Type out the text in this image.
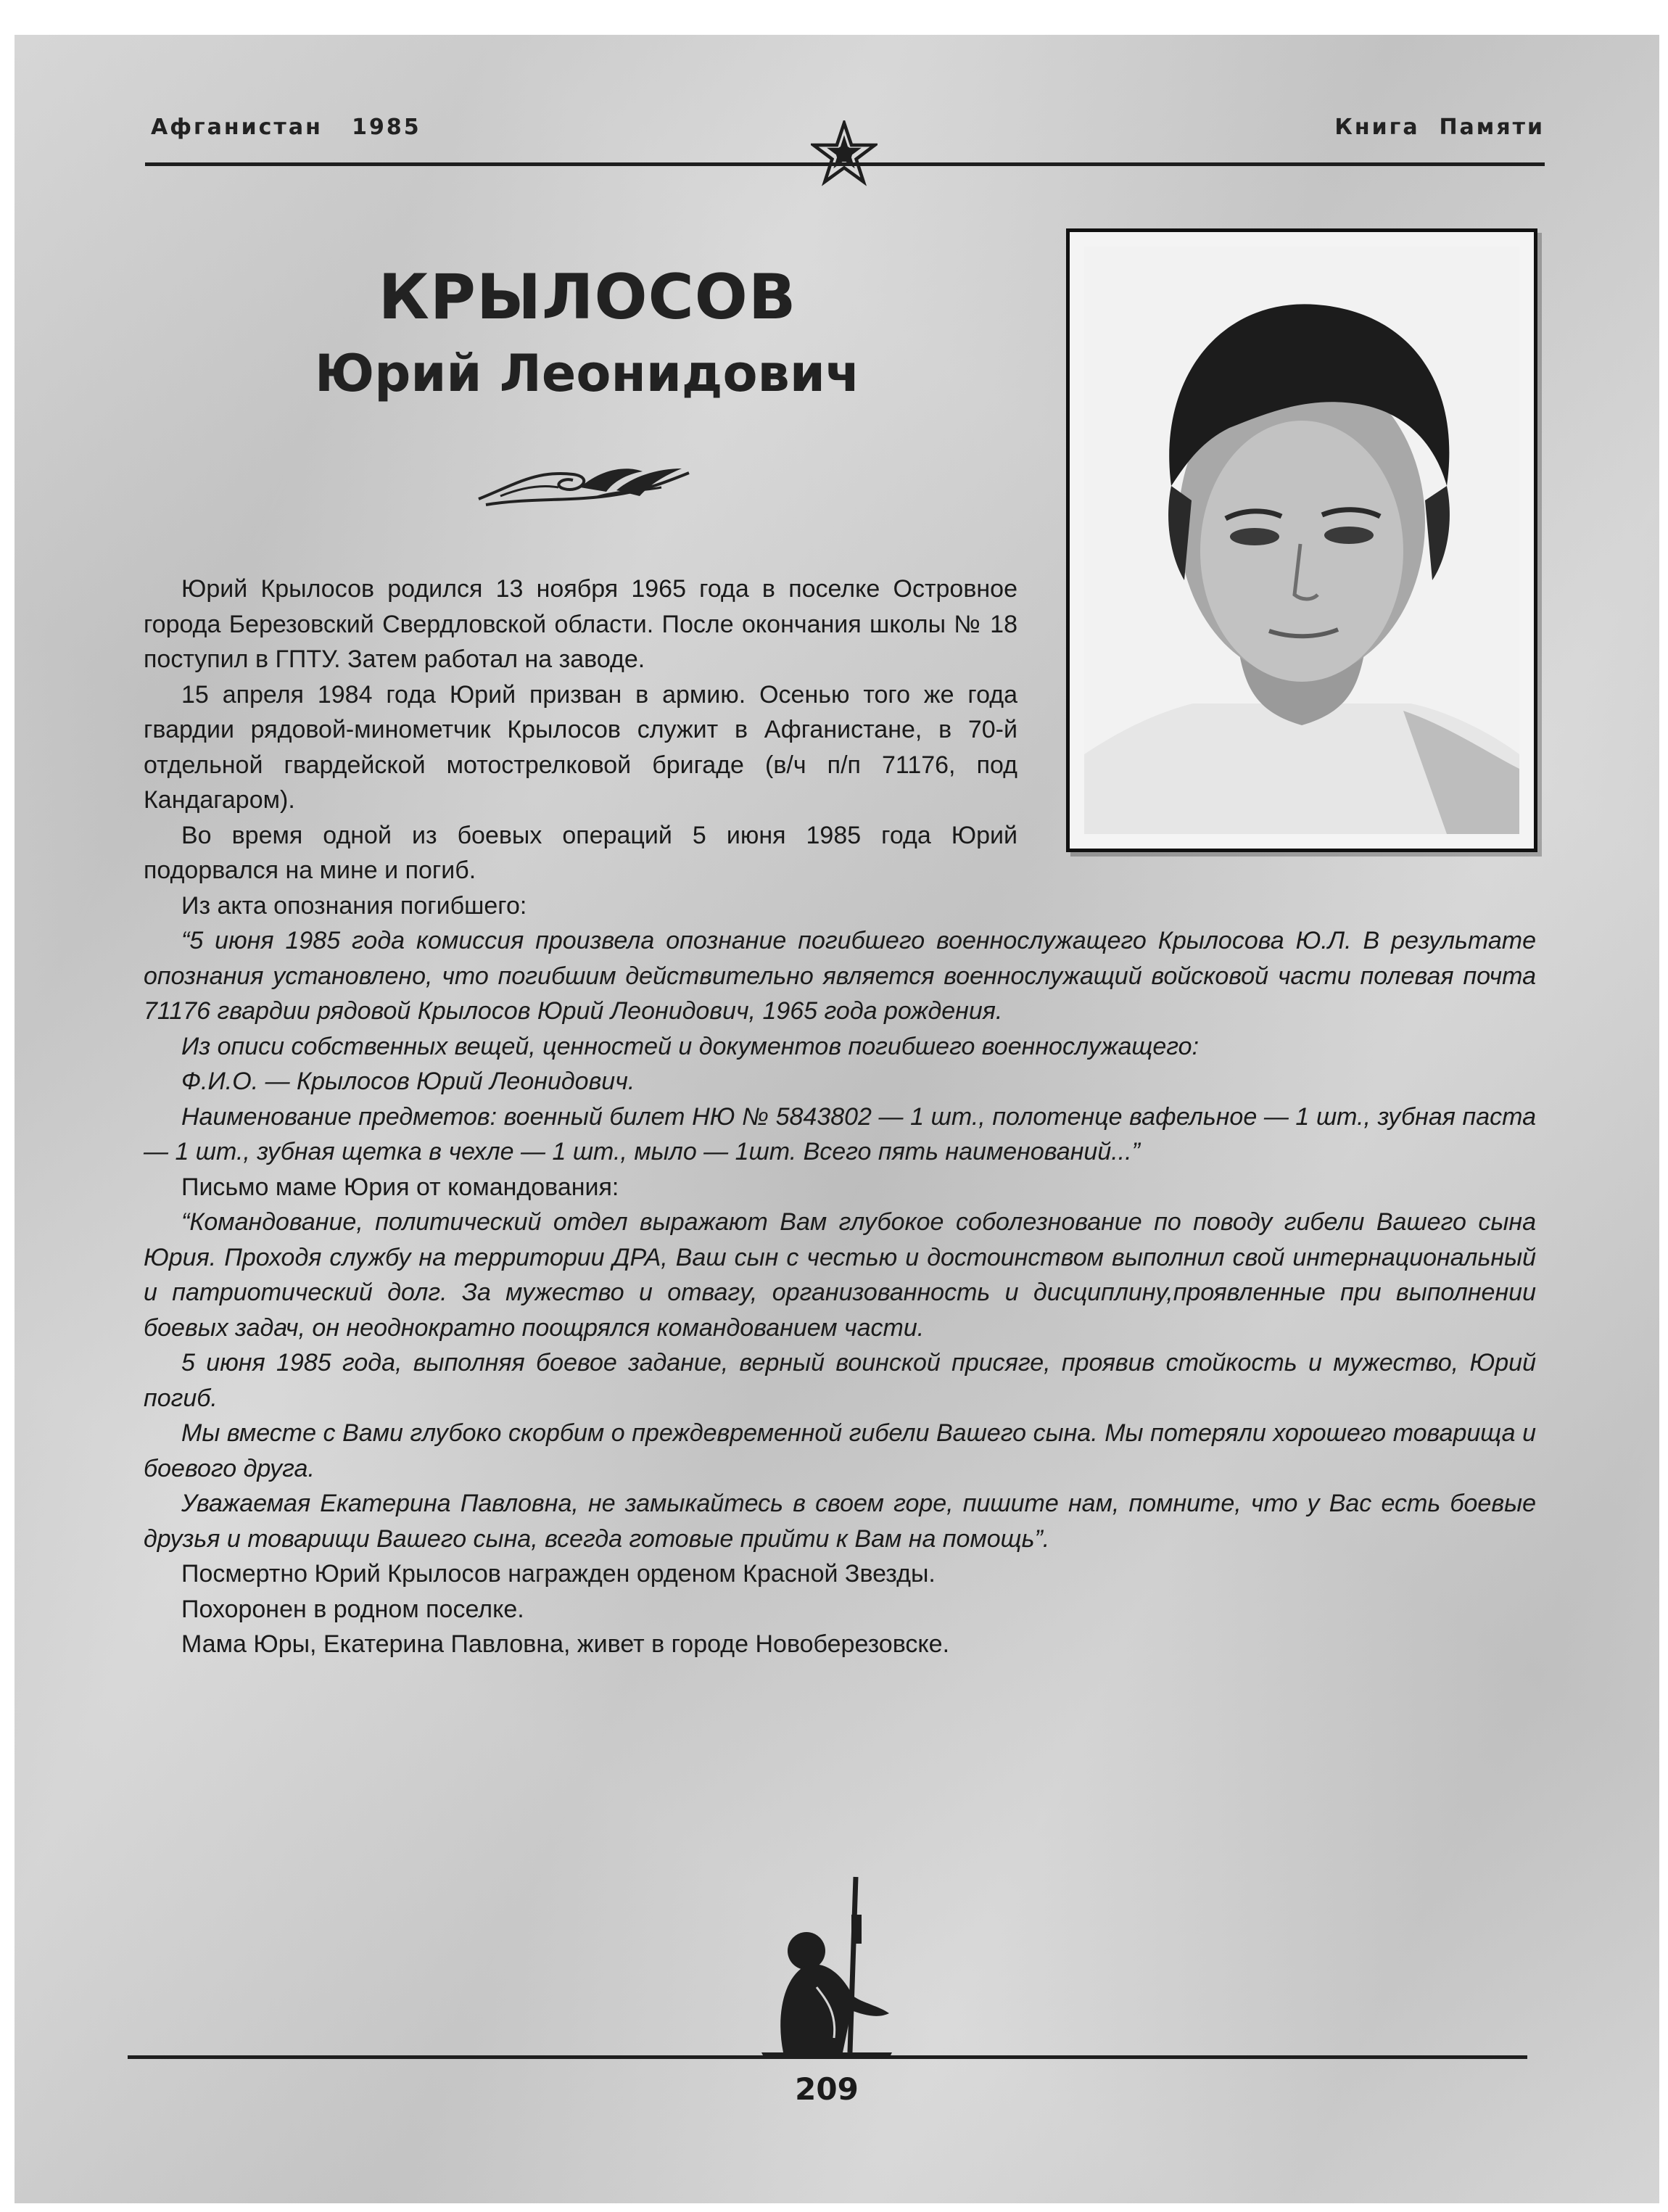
Афганистан   1985	Книга  Памяти
КРЫЛОСОВ
Юрий Леонидович

Юрий Крылосов родился 13 ноября 1965 года в поселке Островное города Березовский Свердловской области. После окончания школы № 18 поступил в ГПТУ. Затем работал на заводе.

15 апреля 1984 года Юрий призван в армию. Осенью того же года гвардии рядовой-минометчик Крылосов служит в Афганистане, в 70-й отдельной гвардейской мотострелковой бригаде (в/ч п/п 71176, под Кандагаром).

Во время одной из боевых операций 5 июня 1985 года Юрий подорвался на мине и погиб.

Из акта опознания погибшего:

“5 июня 1985 года комиссия произвела опознание погибшего военнослужащего Крылосова Ю.Л. В результате опознания установлено, что погибшим действительно является военнослужащий войсковой части полевая почта 71176 гвардии рядовой Крылосов Юрий Леонидович, 1965 года рождения.

Из описи собственных вещей, ценностей и документов погибшего военнослужащего:

Ф.И.О. — Крылосов Юрий Леонидович.

Наименование предметов: военный билет НЮ № 5843802 — 1 шт., полотенце вафельное — 1 шт., зубная паста — 1 шт., зубная щетка в чехле — 1 шт., мыло — 1шт. Всего пять наименований...”

Письмо маме Юрия от командования:

“Командование, политический отдел выражают Вам глубокое соболезнование по поводу гибели Вашего сына Юрия. Проходя службу на территории ДРА, Ваш сын с честью и достоинством выполнил свой интернациональный и патриотический долг. За мужество и отвагу, организованность и дисциплину,проявленные при выполнении боевых задач, он неоднократно поощрялся командованием части.

5 июня 1985 года, выполняя боевое задание, верный воинской присяге, проявив стойкость и мужество, Юрий погиб.

Мы вместе с Вами глубоко скорбим о преждевременной гибели Вашего сына. Мы потеряли хорошего товарища и боевого друга.

Уважаемая Екатерина Павловна, не замыкайтесь в своем горе, пишите нам, помните, что у Вас есть боевые друзья и товарищи Вашего сына, всегда готовые прийти к Вам на помощь”.

Посмертно Юрий Крылосов награжден орденом Красной Звезды.

Похоронен в родном поселке.

Мама Юры, Екатерина Павловна, живет в городе Новоберезовске.

209
